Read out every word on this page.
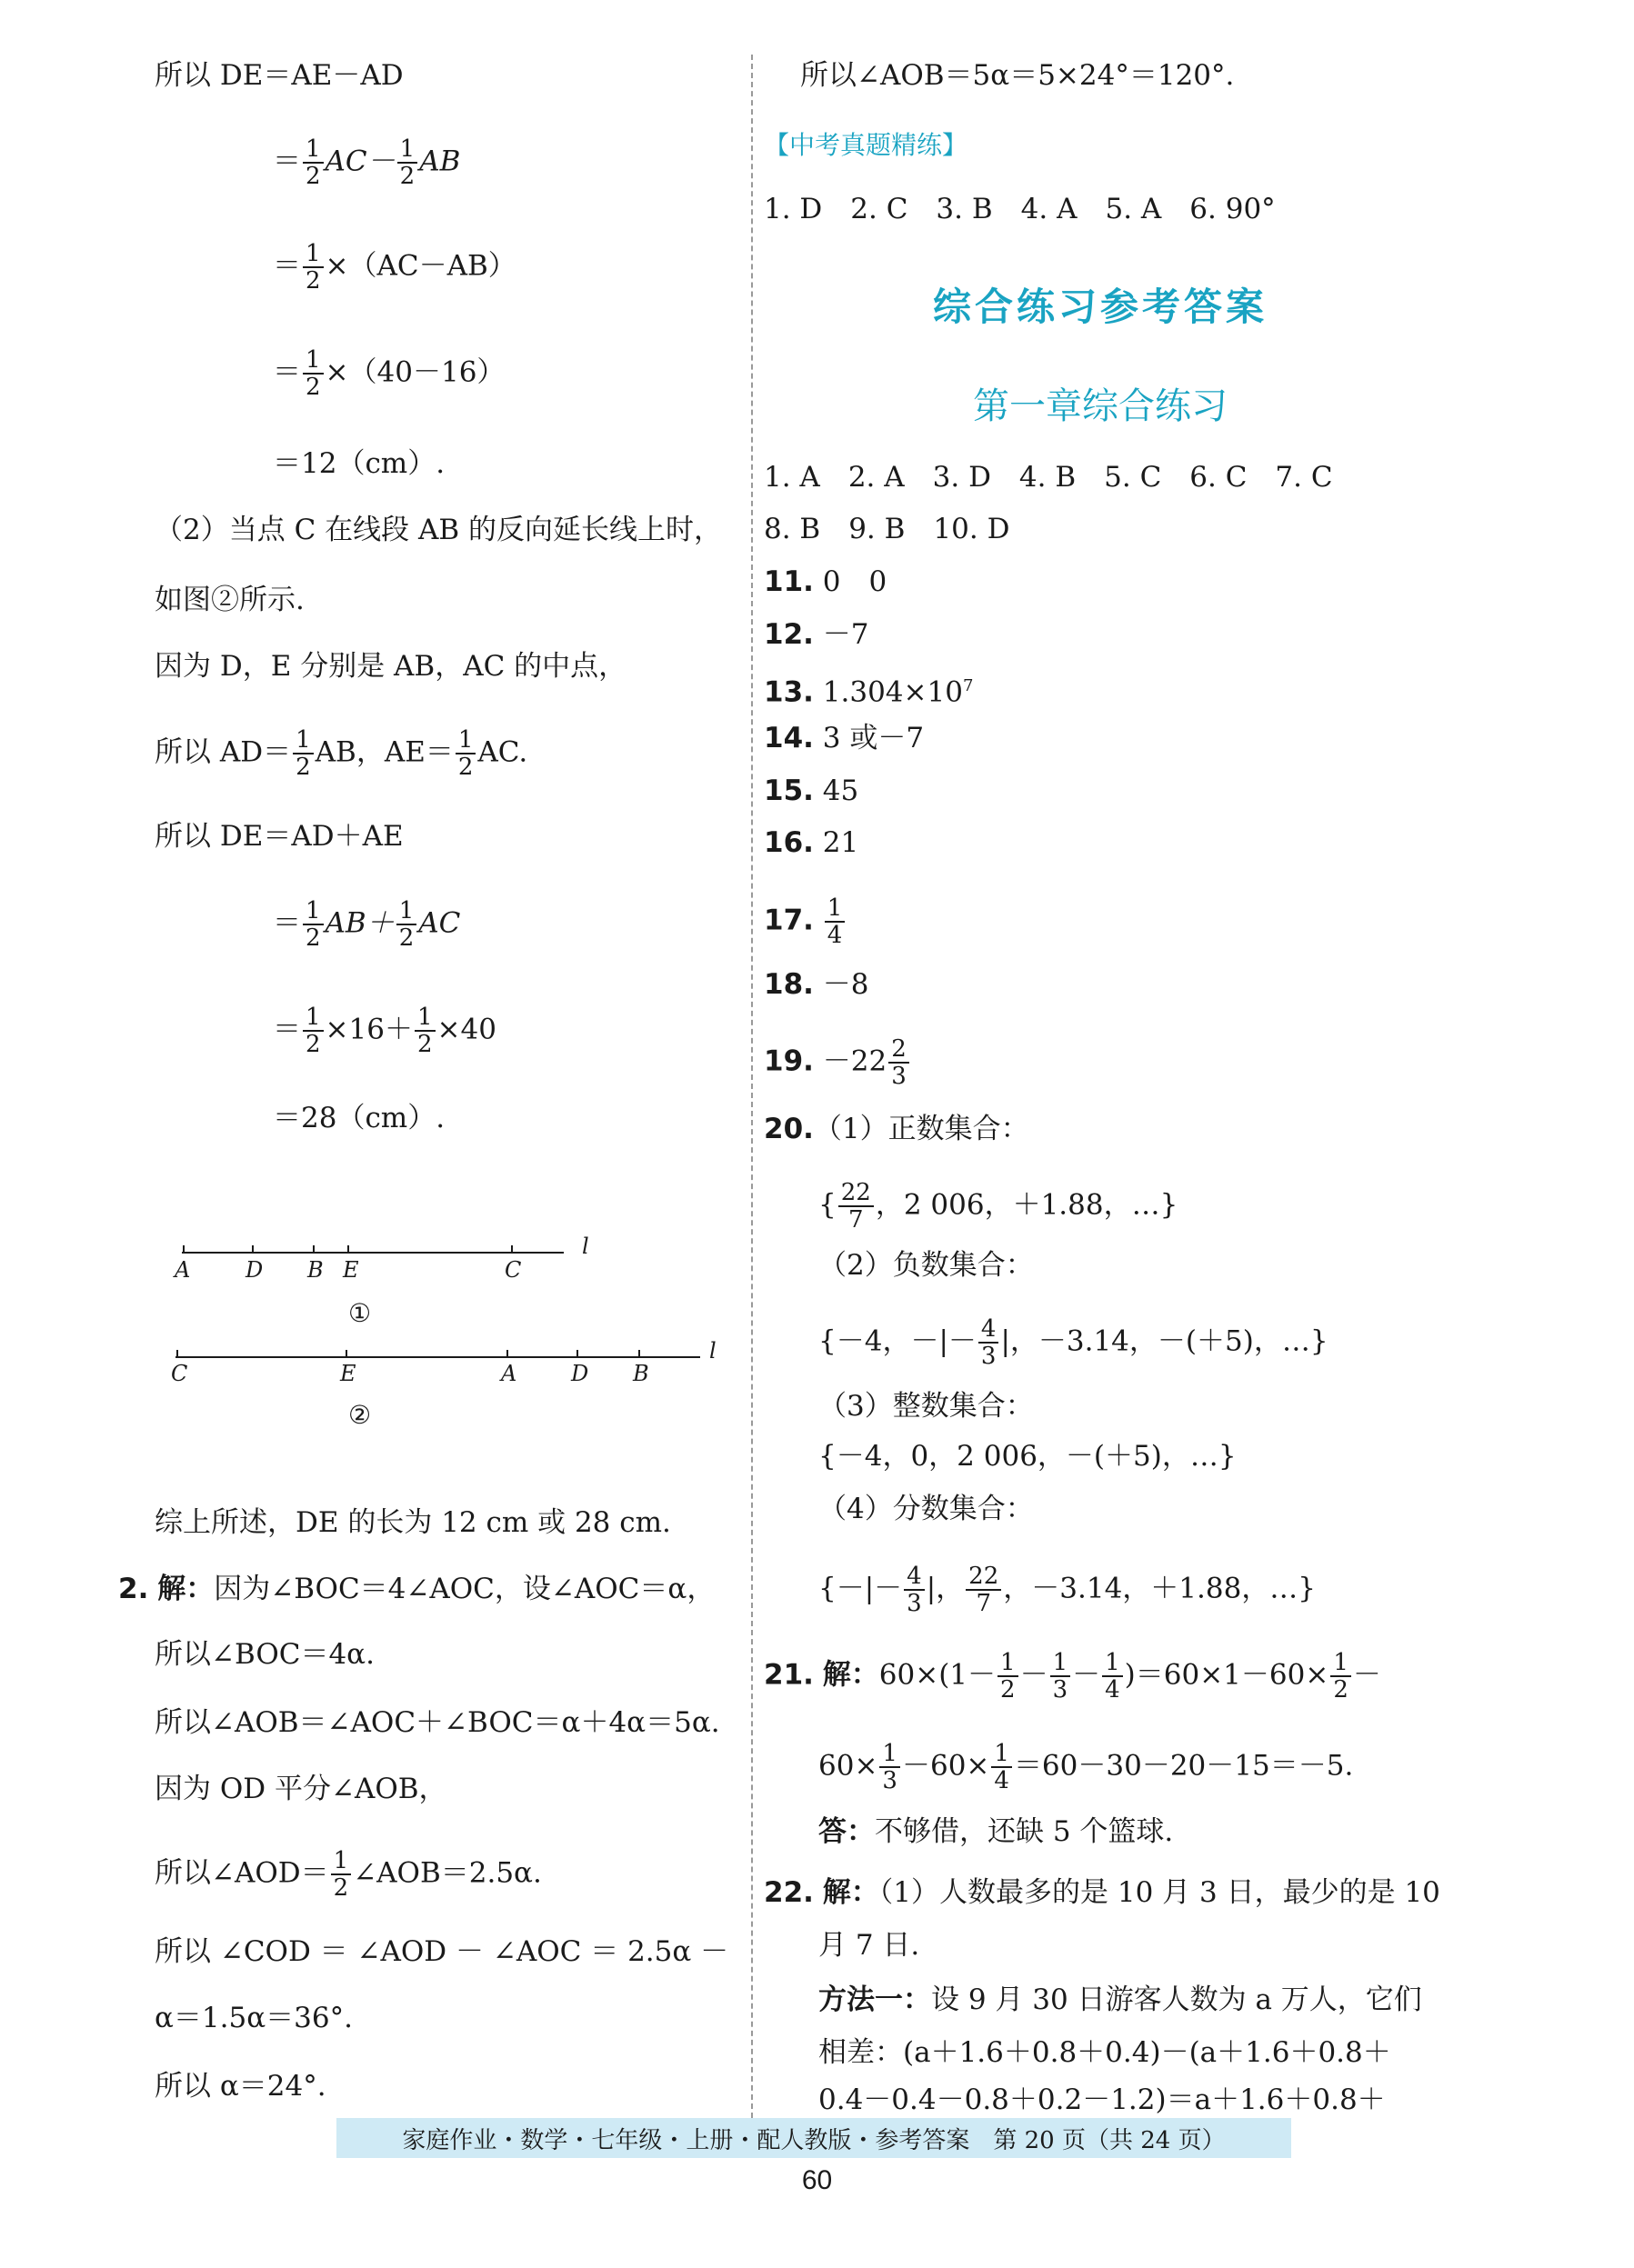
所以 DE＝AE－AD
＝ $\frac{1}{2} AC- \frac{1}{2}$ AB
＝ $\frac{1}{2} \times(AC-AB)$
＝ $\frac{1}{2} \times(40-16)$
＝12（cm）.
（2）当点 C 在线段 AB 的反向延长线上时，
如图②所示.
因为 D，E 分别是 AB，AC 的中点，
所以 $AD= \frac{1}{2}$ AB，$AE= \frac{1}{2}$ AC.
所以 DE＝AD＋AE
＝ $\frac{1}{2} AB+ \frac{1}{2}$ AC
＝ $\frac{1}{2} \times 16+ \frac{1}{2} \times 40$
＝28（cm）.
A	D B E	C
l
①
C	E	A D B
l
②
综上所述，DE 的长为 12 cm 或 28 cm.
2. 解：因为∠BOC＝4∠AOC，设∠AOC＝α，
所以∠BOC＝4α.
所以∠AOB＝∠AOC＋∠BOC＝α＋4α＝5α.
因为 OD 平分∠AOB，
所以∠AOD＝ $\frac{1}{2}$ ∠AOB＝2.5α.
所以 ∠COD ＝ ∠AOD － ∠AOC ＝ 2.5α －
α＝1.5α＝36°.
所以 α＝24°.
所以∠AOB＝5α＝5×24°＝120°.
【中考真题精练】
1. D　2. C　3. B　4. A　5. A　6. 90°
综合练习参考答案
第一章综合练习
1. A　2. A　3. D　4. B　5. C　6. C　7. C
8. B　9. B　10. D
11. 0　0
12. －7
13. $1.304\times 10^7$
14. 3 或－7
15. 45
16. 21
17. $\frac{1}{4}$
18. －8
19. $-22 \frac{2}{3}$
20.（1）正数集合：
{ $\frac{22}{7}$ ，2 006，＋1.88，…}
（2）负数集合：
{－4，－|－ $\frac{4}{3}$ |，－3.14，－(＋5)，…}
（3）整数集合：
{－4，0，2 006，－(＋5)，…}
（4）分数集合：
{－|－ $\frac{4}{3}$ |， $\frac{22}{7}$ ，－3.14，＋1.88，…}
21. 解：$60\times(1- \frac{1}{2} - \frac{1}{3} - \frac{1}{4} )=60\times 1-60\times \frac{1}{2}$ －
$60\times \frac{1}{3} -60\times \frac{1}{4} =60-30-20-15=-5$.
答：不够借，还缺 5 个篮球.
22. 解：（1）人数最多的是 10 月 3 日，最少的是 10
月 7 日.
方法一：设 9 月 30 日游客人数为 a 万人，它们
相差：(a＋1.6＋0.8＋0.4)－(a＋1.6＋0.8＋
0.4－0.4－0.8＋0.2－1.2)＝a＋1.6＋0.8＋
家庭作业・数学・七年级・上册・配人教版・参考答案　第 20 页（共 24 页）
60
